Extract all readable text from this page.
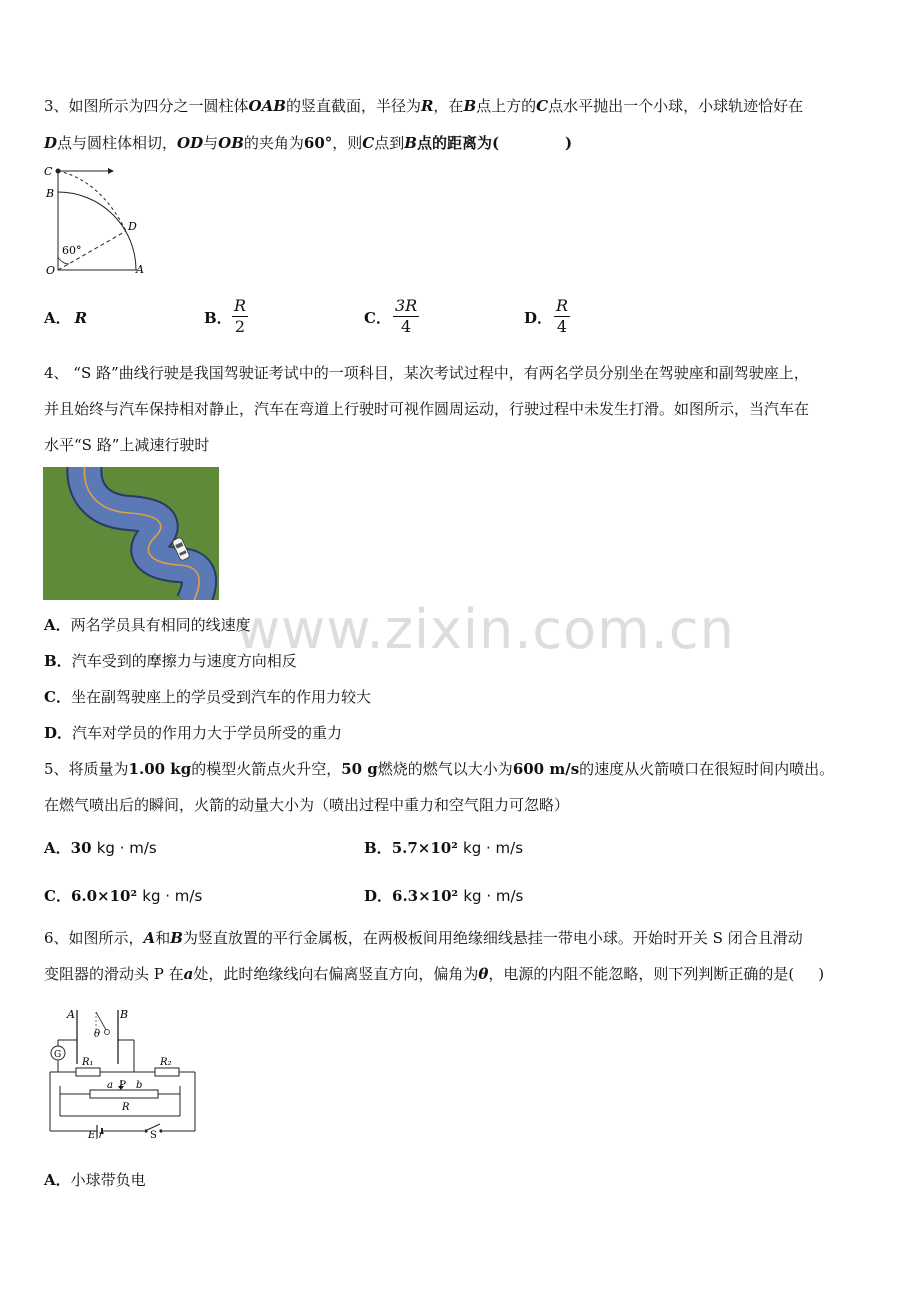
www.zixin.com.cn
3、如图所示为四分之一圆柱体OAB的竖直截面，半径为R，在B点上方的C点水平抛出一个小球，小球轨迹恰好在
D点与圆柱体相切，OD与OB的夹角为60°，则C点到B点的距离为(	)
C
B
D
O	A
60°
A． R	B． $\frac{R}{2}$	C． $\frac{3R}{4}$	D． $\frac{R}{4}$
4、 “S 路”曲线行驶是我国驾驶证考试中的一项科目，某次考试过程中，有两名学员分别坐在驾驶座和副驾驶座上，
并且始终与汽车保持相对静止，汽车在弯道上行驶时可视作圆周运动，行驶过程中未发生打滑。如图所示，当汽车在
水平“S 路”上减速行驶时
A．两名学员具有相同的线速度
B．汽车受到的摩擦力与速度方向相反
C．坐在副驾驶座上的学员受到汽车的作用力较大
D．汽车对学员的作用力大于学员所受的重力
5、将质量为1.00 kg的模型火箭点火升空，50 g燃烧的燃气以大小为600 m/s的速度从火箭喷口在很短时间内喷出。
在燃气喷出后的瞬间，火箭的动量大小为（喷出过程中重力和空气阻力可忽略）
A．30 kg · m/s	B．5.7×10² kg · m/s
C．6.0×10² kg · m/s	D．6.3×10² kg · m/s
6、如图所示，A和B为竖直放置的平行金属板，在两极板间用绝缘细线悬挂一带电小球。开始时开关 S 闭合且滑动
变阻器的滑动头 P 在a处，此时绝缘线向右偏离竖直方向，偏角为θ，电源的内阻不能忽略，则下列判断正确的是( )
A	B
θ
G
R₁	R₂
a P b
R
E,r	S
A．小球带负电
